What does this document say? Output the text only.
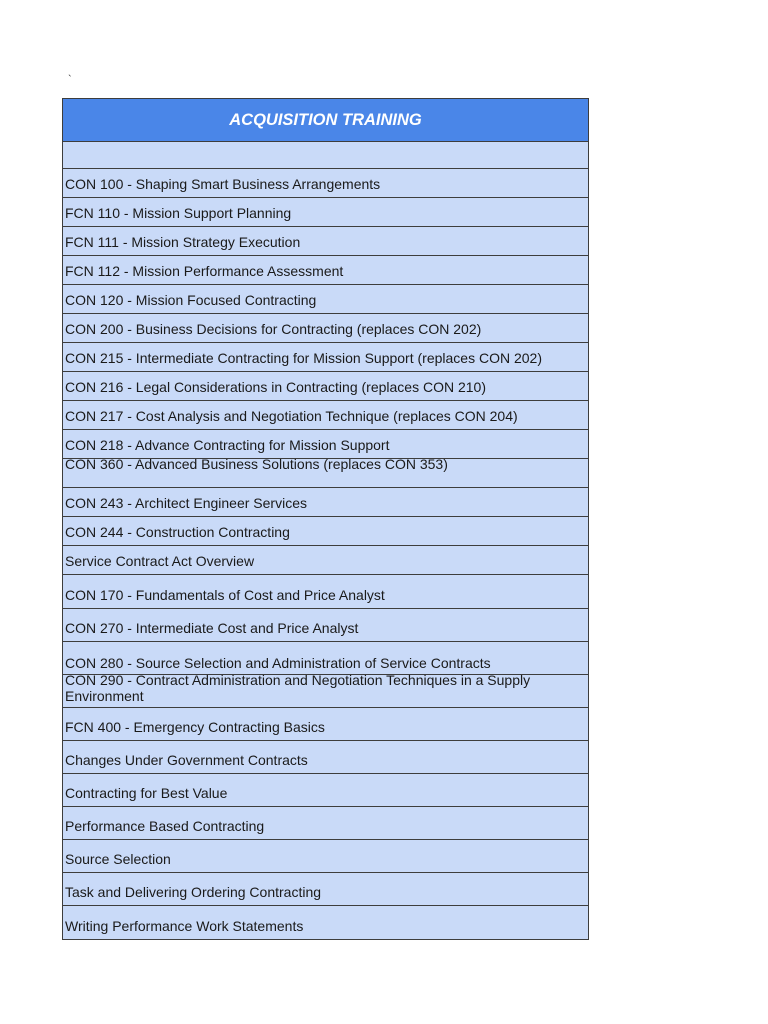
`
ACQUISITION TRAINING
CON 100 - Shaping Smart Business Arrangements
FCN 110 - Mission Support Planning
FCN 111 - Mission Strategy Execution
FCN 112 - Mission Performance Assessment
CON 120 - Mission Focused Contracting
CON 200 - Business Decisions for Contracting (replaces CON 202)
CON 215 - Intermediate Contracting for Mission Support (replaces CON 202)
CON 216 - Legal Considerations in Contracting (replaces CON 210)
CON 217 - Cost Analysis and Negotiation Technique (replaces CON 204)
CON 218 - Advance Contracting for Mission Support
CON 360 - Advanced Business Solutions (replaces CON 353)
CON 243 - Architect Engineer Services
CON 244 - Construction Contracting
Service Contract Act Overview
CON 170 - Fundamentals of Cost and Price Analyst
CON 270 - Intermediate Cost and Price Analyst
CON 280 - Source Selection and Administration of Service Contracts
CON 290 - Contract Administration and Negotiation Techniques in a Supply Environment
FCN 400 - Emergency Contracting Basics
Changes Under Government Contracts
Contracting for Best Value
Performance Based Contracting
Source Selection
Task and Delivering Ordering Contracting
Writing Performance Work Statements
